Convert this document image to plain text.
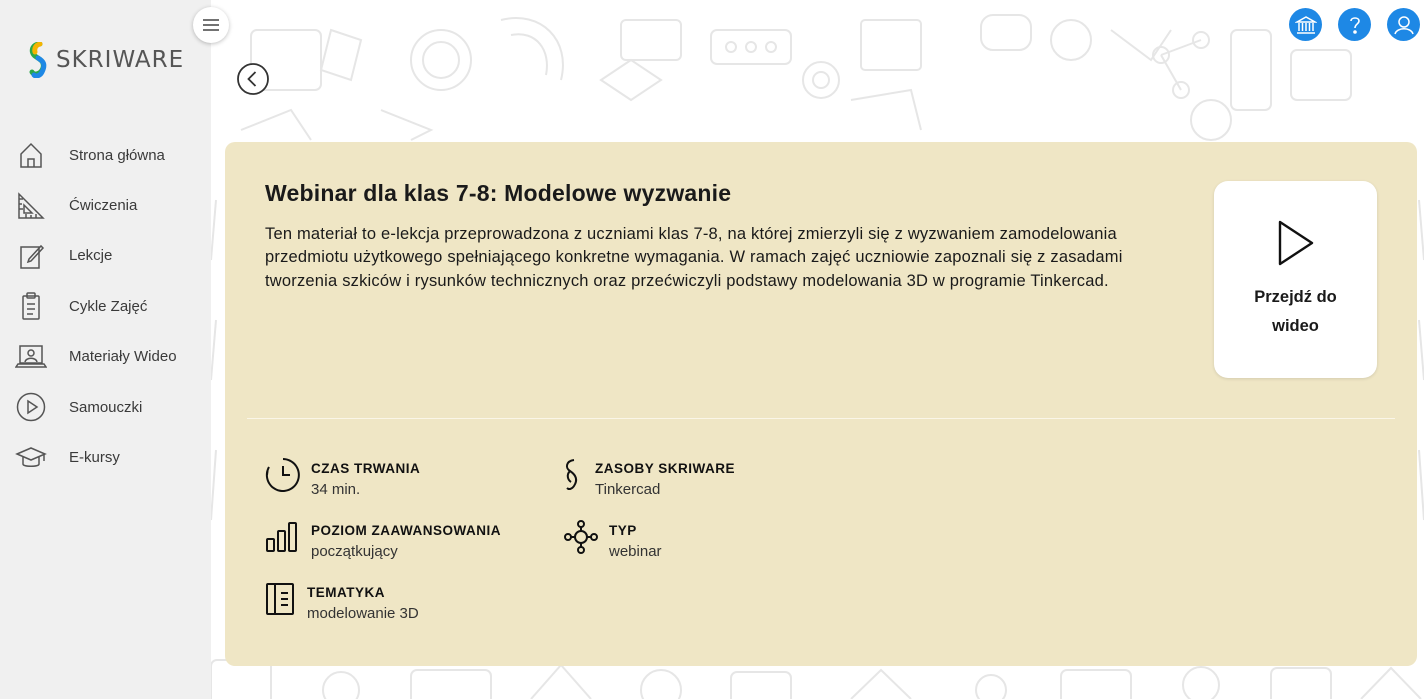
SKRIWARE
Strona główna
Ćwiczenia
Lekcje
Cykle Zajęć
Materiały Wideo
Samouczki
E-kursy
Webinar dla klas 7-8: Modelowe wyzwanie

Ten materiał to e-lekcja przeprowadzona z uczniami klas 7-8, na której zmierzyli się z wyzwaniem zamodelowania przedmiotu użytkowego spełniającego konkretne wymagania. W ramach zajęć uczniowie zapoznali się z zasadami tworzenia szkiców i rysunków technicznych oraz przećwiczyli podstawy modelowania 3D w programie Tinkercad.

Przejdź do wideo
CZAS TRWANIA
34 min.
ZASOBY SKRIWARE
Tinkercad
POZIOM ZAAWANSOWANIA
początkujący
TYP
webinar
TEMATYKA
modelowanie 3D
